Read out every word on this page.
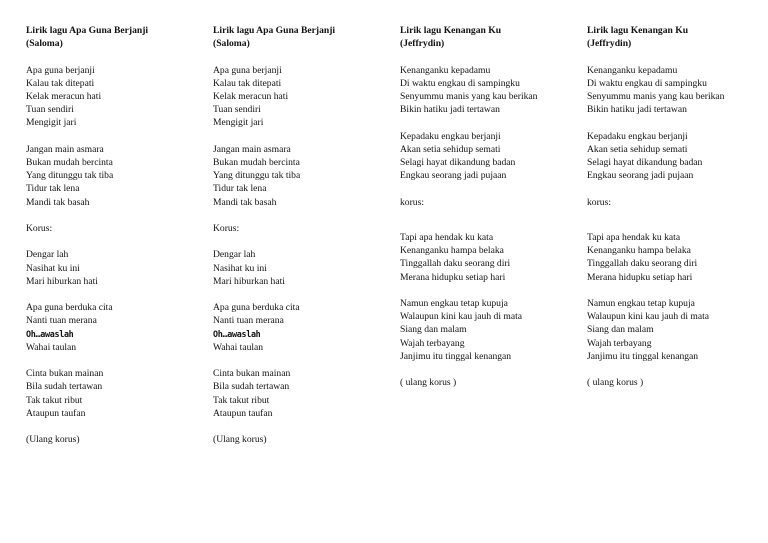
Lirik lagu Apa Guna Berjanji
(Saloma)
Apa guna berjanji
Kalau tak ditepati
Kelak meracun hati
Tuan sendiri
Mengigit jari
Jangan main asmara
Bukan mudah bercinta
Yang ditunggu tak tiba
Tidur tak lena
Mandi tak basah
Korus:
Dengar lah
Nasihat ku ini
Mari hiburkan hati
Apa guna berduka cita
Nanti tuan merana
Oh…awaslah
Wahai taulan
Cinta bukan mainan
Bila sudah tertawan
Tak takut ribut
Ataupun taufan
(Ulang korus)
Lirik lagu Apa Guna Berjanji
(Saloma)
Apa guna berjanji
Kalau tak ditepati
Kelak meracun hati
Tuan sendiri
Mengigit jari
Jangan main asmara
Bukan mudah bercinta
Yang ditunggu tak tiba
Tidur tak lena
Mandi tak basah
Korus:
Dengar lah
Nasihat ku ini
Mari hiburkan hati
Apa guna berduka cita
Nanti tuan merana
Oh…awaslah
Wahai taulan
Cinta bukan mainan
Bila sudah tertawan
Tak takut ribut
Ataupun taufan
(Ulang korus)
Lirik lagu Kenangan Ku
(Jeffrydin)
Kenanganku kepadamu
Di waktu engkau di sampingku
Senyummu manis yang kau berikan
Bikin hatiku jadi tertawan
Kepadaku engkau berjanji
Akan setia sehidup semati
Selagi hayat dikandung badan
Engkau seorang jadi pujaan
korus:
Tapi apa hendak ku kata
Kenanganku hampa belaka
Tinggallah daku seorang diri
Merana hidupku setiap hari
Namun engkau tetap kupuja
Walaupun kini kau jauh di mata
Siang dan malam
Wajah terbayang
Janjimu itu tinggal kenangan
( ulang korus )
Lirik lagu Kenangan Ku
(Jeffrydin)
Kenanganku kepadamu
Di waktu engkau di sampingku
Senyummu manis yang kau berikan
Bikin hatiku jadi tertawan
Kepadaku engkau berjanji
Akan setia sehidup semati
Selagi hayat dikandung badan
Engkau seorang jadi pujaan
korus:
Tapi apa hendak ku kata
Kenanganku hampa belaka
Tinggallah daku seorang diri
Merana hidupku setiap hari
Namun engkau tetap kupuja
Walaupun kini kau jauh di mata
Siang dan malam
Wajah terbayang
Janjimu itu tinggal kenangan
( ulang korus )
